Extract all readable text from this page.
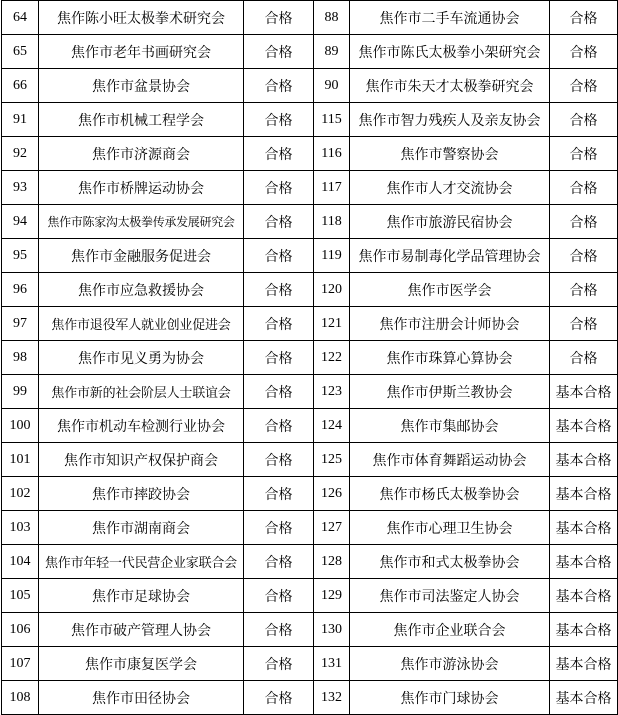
64	焦作陈小旺太极拳术研究会	合格	88	焦作市二手车流通协会	合格
65	焦作市老年书画研究会	合格	89	焦作市陈氏太极拳小架研究会	合格
66	焦作市盆景协会	合格	90	焦作市朱天才太极拳研究会	合格
91	焦作市机械工程学会	合格	115	焦作市智力残疾人及亲友协会	合格
92	焦作市济源商会	合格	116	焦作市警察协会	合格
93	焦作市桥牌运动协会	合格	117	焦作市人才交流协会	合格
94	焦作市陈家沟太极拳传承发展研究会	合格	118	焦作市旅游民宿协会	合格
95	焦作市金融服务促进会	合格	119	焦作市易制毒化学品管理协会	合格
96	焦作市应急救援协会	合格	120	焦作市医学会	合格
97	焦作市退役军人就业创业促进会	合格	121	焦作市注册会计师协会	合格
98	焦作市见义勇为协会	合格	122	焦作市珠算心算协会	合格
99	焦作市新的社会阶层人士联谊会	合格	123	焦作市伊斯兰教协会	基本合格
100	焦作市机动车检测行业协会	合格	124	焦作市集邮协会	基本合格
101	焦作市知识产权保护商会	合格	125	焦作市体育舞蹈运动协会	基本合格
102	焦作市摔跤协会	合格	126	焦作市杨氏太极拳协会	基本合格
103	焦作市湖南商会	合格	127	焦作市心理卫生协会	基本合格
104	焦作市年轻一代民营企业家联合会	合格	128	焦作市和式太极拳协会	基本合格
105	焦作市足球协会	合格	129	焦作市司法鉴定人协会	基本合格
106	焦作市破产管理人协会	合格	130	焦作市企业联合会	基本合格
107	焦作市康复医学会	合格	131	焦作市游泳协会	基本合格
108	焦作市田径协会	合格	132	焦作市门球协会	基本合格
